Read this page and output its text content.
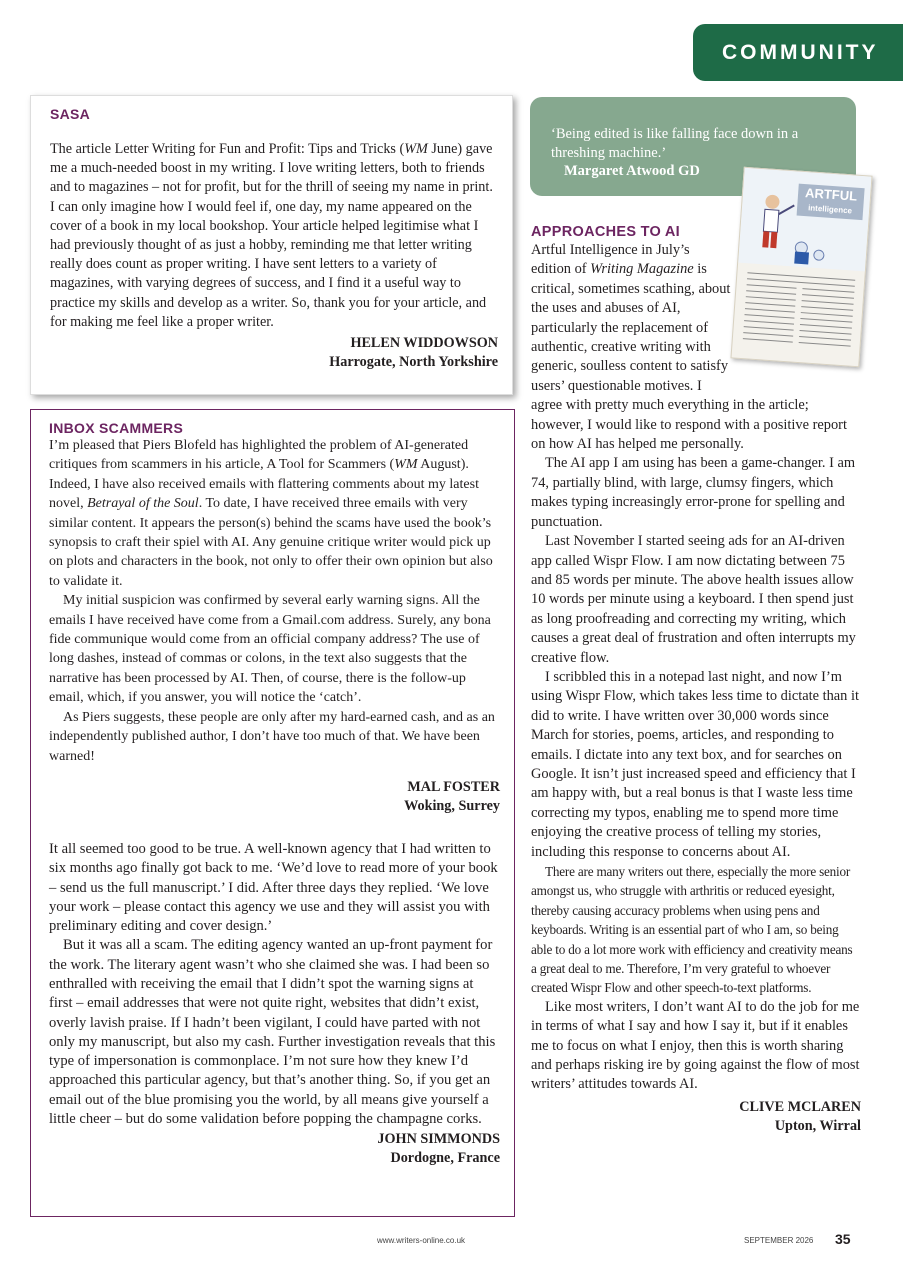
COMMUNITY
SASA

The article Letter Writing for Fun and Profit: Tips and Tricks (WM June) gave me a much-needed boost in my writing. I love writing letters, both to friends and to magazines – not for profit, but for the thrill of seeing my name in print. I can only imagine how I would feel if, one day, my name appeared on the cover of a book in my local bookshop. Your article helped legitimise what I had previously thought of as just a hobby, reminding me that letter writing really does count as proper writing. I have sent letters to a variety of magazines, with varying degrees of success, and I find it a useful way to practice my skills and develop as a writer. So, thank you for your article, and for making me feel like a proper writer.

HELEN WIDDOWSON
Harrogate, North Yorkshire
INBOX SCAMMERS

I’m pleased that Piers Blofeld has highlighted the problem of AI-generated critiques from scammers in his article, A Tool for Scammers (WM August). Indeed, I have also received emails with flattering comments about my latest novel, Betrayal of the Soul. To date, I have received three emails with very similar content. It appears the person(s) behind the scams have used the book’s synopsis to craft their spiel with AI. Any genuine critique writer would pick up on plots and characters in the book, not only to offer their own opinion but also to validate it.

My initial suspicion was confirmed by several early warning signs. All the emails I have received have come from a Gmail.com address. Surely, any bona fide communique would come from an official company address? The use of long dashes, instead of commas or colons, in the text also suggests that the narrative has been processed by AI. Then, of course, there is the follow-up email, which, if you answer, you will notice the ‘catch’.

As Piers suggests, these people are only after my hard-earned cash, and as an independently published author, I don’t have too much of that. We have been warned!

MAL FOSTER
Woking, Surrey

It all seemed too good to be true. A well-known agency that I had written to six months ago finally got back to me. ‘We’d love to read more of your book – send us the full manuscript.’ I did. After three days they replied. ‘We love your work – please contact this agency we use and they will assist you with preliminary editing and cover design.’

But it was all a scam. The editing agency wanted an up-front payment for the work. The literary agent wasn’t who she claimed she was. I had been so enthralled with receiving the email that I didn’t spot the warning signs at first – email addresses that were not quite right, websites that didn’t exist, overly lavish praise. If I hadn’t been vigilant, I could have parted with not only my manuscript, but also my cash. Further investigation reveals that this type of impersonation is commonplace. I’m not sure how they knew I’d approached this particular agency, but that’s another thing. So, if you get an email out of the blue promising you the world, by all means give yourself a little cheer – but do some validation before popping the champagne corks.

JOHN SIMMONDS
Dordogne, France
‘Being edited is like falling face down in a threshing machine.’
Margaret Atwood GD
ARTFUL
intelligence
APPROACHES TO AI

Artful Intelligence in July’s edition of Writing Magazine is critical, sometimes scathing, about the uses and abuses of AI, particularly the replacement of authentic, creative writing with generic, soulless content to satisfy users’ questionable motives. I agree with pretty much everything in the article; however, I would like to respond with a positive report on how AI has helped me personally.

The AI app I am using has been a game-changer. I am 74, partially blind, with large, clumsy fingers, which makes typing increasingly error-prone for spelling and punctuation.

Last November I started seeing ads for an AI-driven app called Wispr Flow. I am now dictating between 75 and 85 words per minute. The above health issues allow 10 words per minute using a keyboard. I then spend just as long proofreading and correcting my writing, which causes a great deal of frustration and often interrupts my creative flow.

I scribbled this in a notepad last night, and now I’m using Wispr Flow, which takes less time to dictate than it did to write. I have written over 30,000 words since March for stories, poems, articles, and responding to emails. I dictate into any text box, and for searches on Google. It isn’t just increased speed and efficiency that I am happy with, but a real bonus is that I waste less time correcting my typos, enabling me to spend more time enjoying the creative process of telling my stories, including this response to concerns about AI.

There are many writers out there, especially the more senior amongst us, who struggle with arthritis or reduced eyesight, thereby causing accuracy problems when using pens and keyboards. Writing is an essential part of who I am, so being able to do a lot more work with efficiency and creativity means a great deal to me. Therefore, I’m very grateful to whoever created Wispr Flow and other speech-to-text platforms.

Like most writers, I don’t want AI to do the job for me in terms of what I say and how I say it, but if it enables me to focus on what I enjoy, then this is worth sharing and perhaps risking ire by going against the flow of most writers’ attitudes towards AI.

CLIVE MCLAREN
Upton, Wirral
www.writers-online.co.uk	SEPTEMBER 2026 35
